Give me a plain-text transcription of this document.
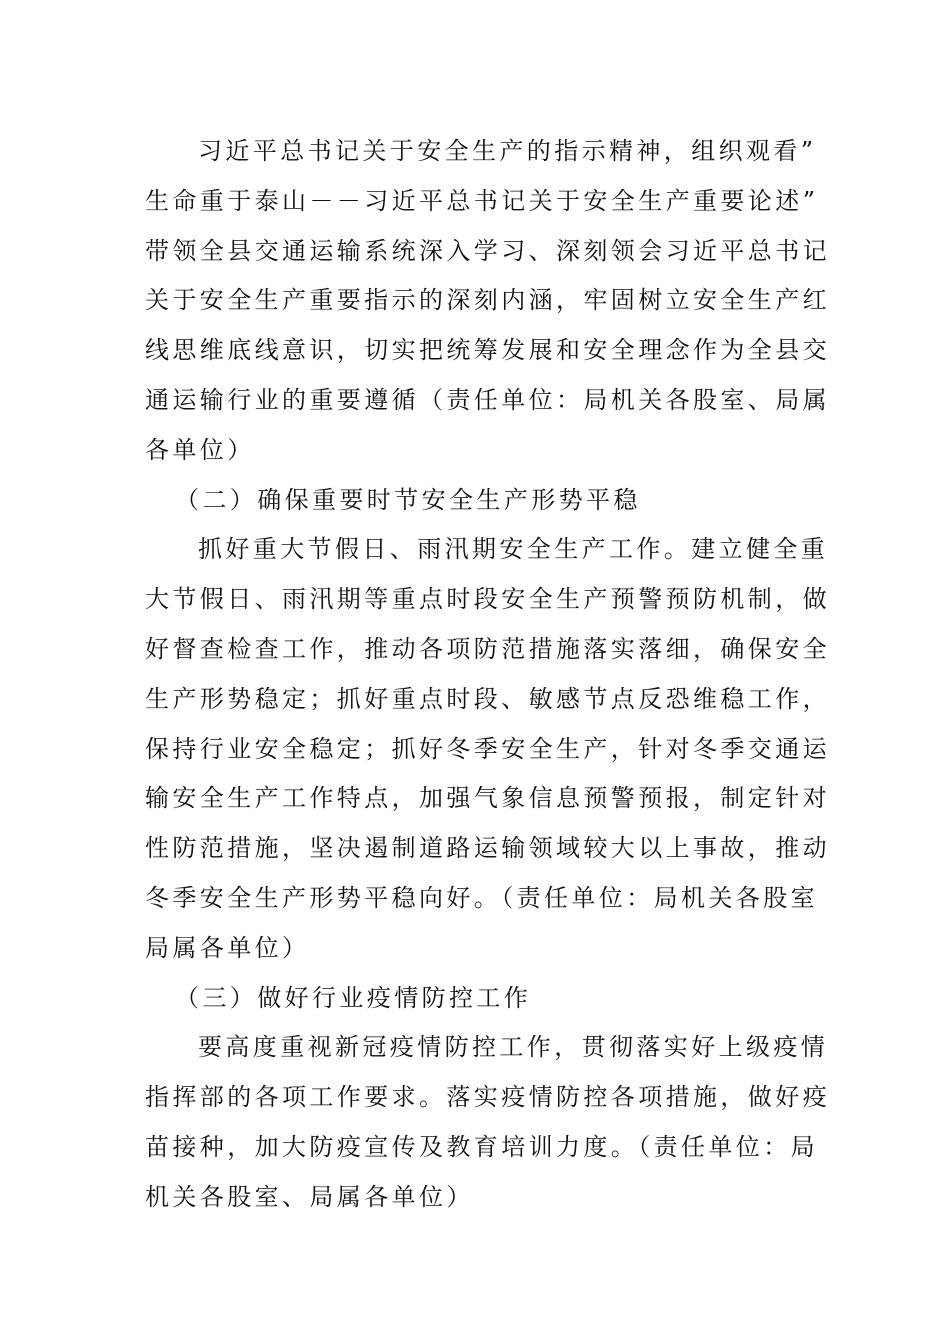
习近平总书记关于安全生产的指示精神，组织观看”
生命重于泰山－－习近平总书记关于安全生产重要论述”
带领全县交通运输系统深入学习、深刻领会习近平总书记
关于安全生产重要指示的深刻内涵，牢固树立安全生产红
线思维底线意识，切实把统筹发展和安全理念作为全县交
通运输行业的重要遵循（责任单位：局机关各股室、局属
各单位）
（二）确保重要时节安全生产形势平稳
抓好重大节假日、雨汛期安全生产工作。建立健全重
大节假日、雨汛期等重点时段安全生产预警预防机制，做
好督查检查工作，推动各项防范措施落实落细，确保安全
生产形势稳定；抓好重点时段、敏感节点反恐维稳工作，
保持行业安全稳定；抓好冬季安全生产，针对冬季交通运
输安全生产工作特点，加强气象信息预警预报，制定针对
性防范措施，坚决遏制道路运输领域较大以上事故，推动
冬季安全生产形势平稳向好。（责任单位：局机关各股室
局属各单位）
（三）做好行业疫情防控工作
要高度重视新冠疫情防控工作，贯彻落实好上级疫情
指挥部的各项工作要求。落实疫情防控各项措施，做好疫
苗接种，加大防疫宣传及教育培训力度。（责任单位：局
机关各股室、局属各单位）
